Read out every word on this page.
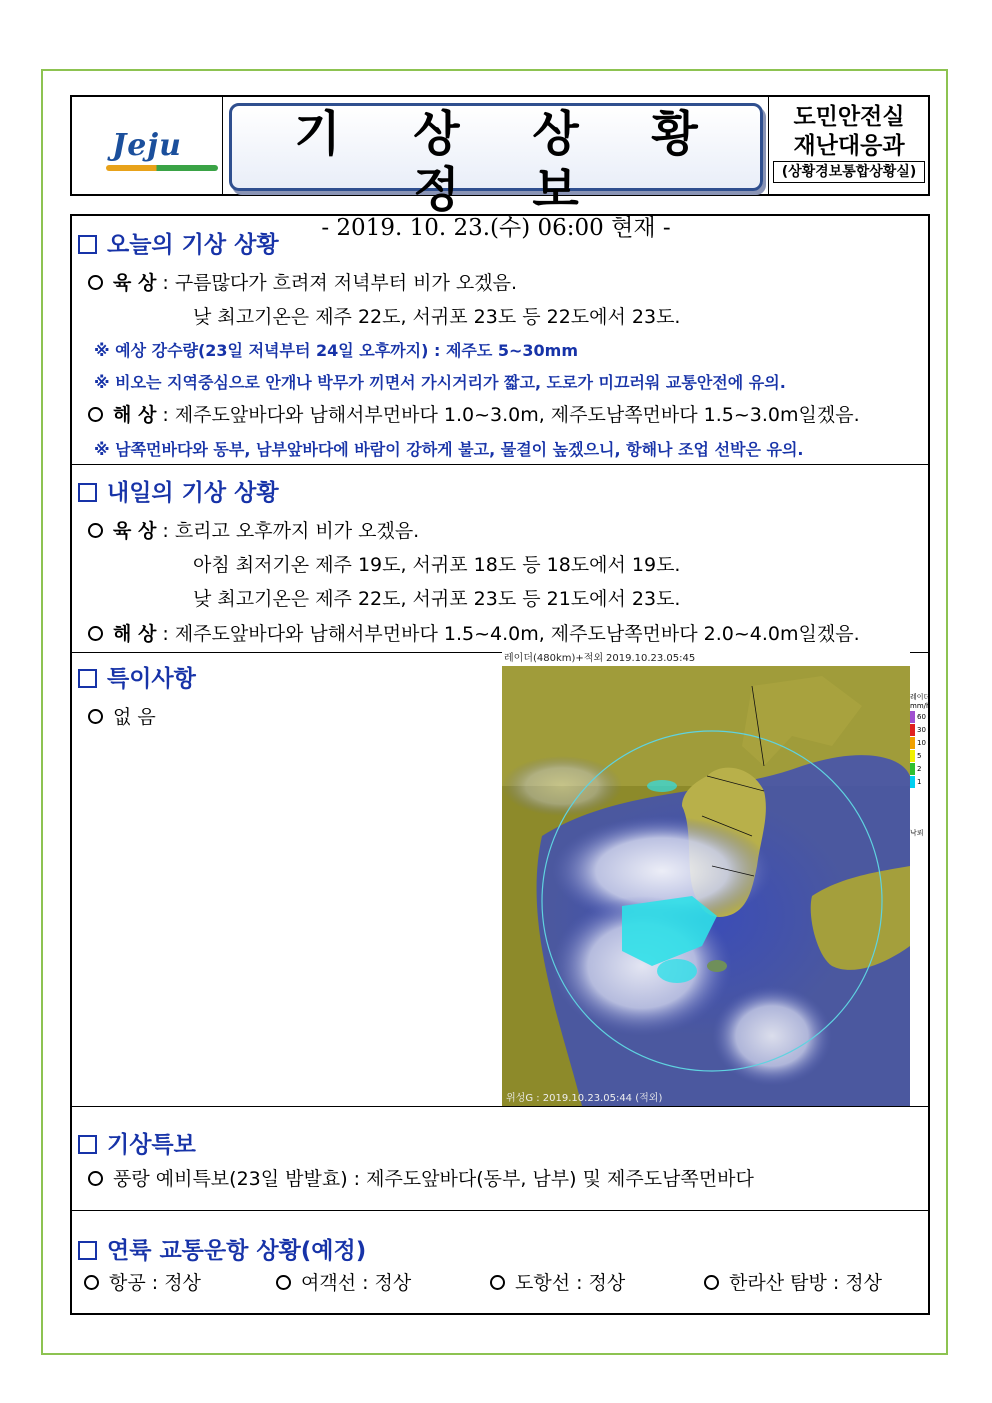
Jeju	기 상 상 황 정 보
- 2019. 10. 23.(수) 06:00 현재 -
도민안전실
재난대응과
(상황경보통합상황실)
오늘의 기상 상황
육 상 : 구름많다가 흐려져 저녁부터 비가 오겠음.
낮 최고기온은 제주 22도, 서귀포 23도 등 22도에서 23도.
※ 예상 강수량(23일 저녁부터 24일 오후까지) : 제주도 5~30mm
※ 비오는 지역중심으로 안개나 박무가 끼면서 가시거리가 짧고, 도로가 미끄러워 교통안전에 유의.
해 상 : 제주도앞바다와 남해서부먼바다 1.0~3.0m, 제주도남쪽먼바다 1.5~3.0m일겠음.
※ 남쪽먼바다와 동부, 남부앞바다에 바람이 강하게 불고, 물결이 높겠으니, 항해나 조업 선박은 유의.
내일의 기상 상황
육 상 : 흐리고 오후까지 비가 오겠음.
아침 최저기온 제주 19도, 서귀포 18도 등 18도에서 19도.
낮 최고기온은 제주 22도, 서귀포 23도 등 21도에서 23도.
해 상 : 제주도앞바다와 남해서부먼바다 1.5~4.0m, 제주도남쪽먼바다 2.0~4.0m일겠음.
특이사항
없 음
레이더(480km)+적외 2019.10.23.05:45
위성G : 2019.10.23.05:44 (적외)
레이더
mm/h
60
30
10
5
2
1
낙뢰
기상특보
풍랑 예비특보(23일 밤발효) : 제주도앞바다(동부, 남부) 및 제주도남쪽먼바다
연륙 교통운항 상황(예정)
항공 : 정상	여객선 : 정상	도항선 : 정상	한라산 탐방 : 정상
